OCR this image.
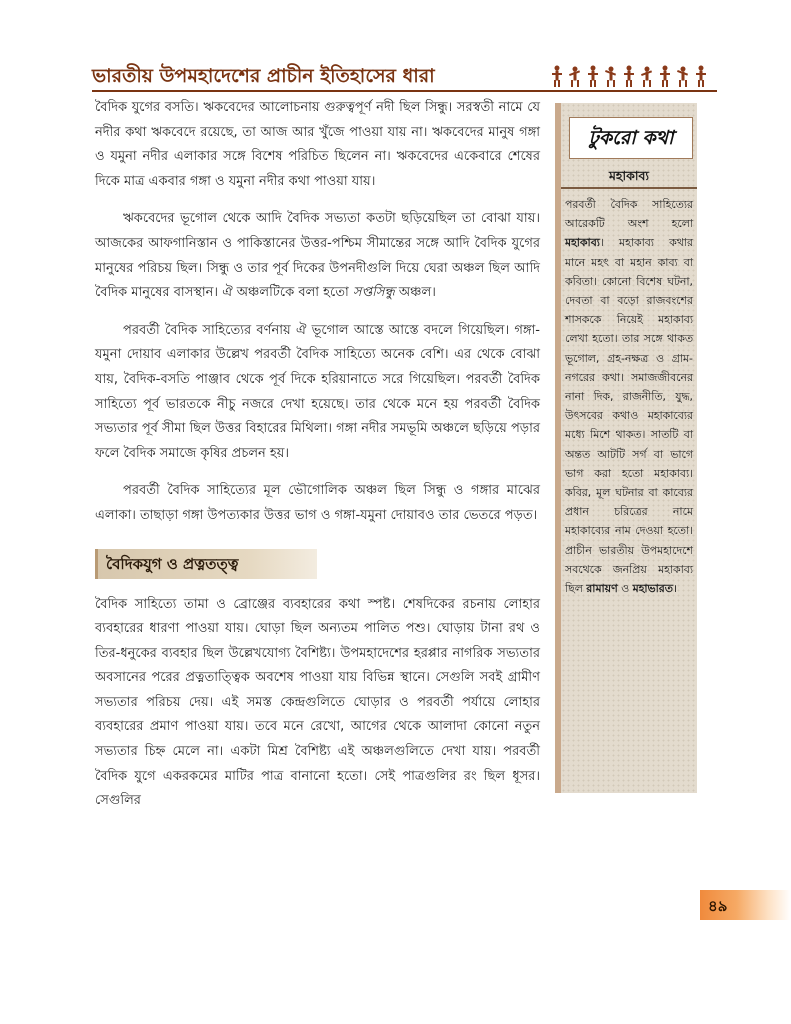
ভারতীয় উপমহাদেশের প্রাচীন ইতিহাসের ধারা

বৈদিক যুগের বসতি। ঋকবেদের আলোচনায় গুরুত্বপূর্ণ নদী ছিল সিন্ধু। সরস্বতী নামে যে নদীর কথা ঋকবেদে রয়েছে, তা আজ আর খুঁজে পাওয়া যায় না। ঋকবেদের মানুষ গঙ্গা ও যমুনা নদীর এলাকার সঙ্গে বিশেষ পরিচিত ছিলেন না। ঋকবেদের একেবারে শেষের দিকে মাত্র একবার গঙ্গা ও যমুনা নদীর কথা পাওয়া যায়।

ঋকবেদের ভূগোল থেকে আদি বৈদিক সভ্যতা কতটা ছড়িয়েছিল তা বোঝা যায়। আজকের আফগানিস্তান ও পাকিস্তানের উত্তর-পশ্চিম সীমান্তের সঙ্গে আদি বৈদিক যুগের মানুষের পরিচয় ছিল। সিন্ধু ও তার পূর্ব দিকের উপনদীগুলি দিয়ে ঘেরা অঞ্চল ছিল আদি বৈদিক মানুষের বাসস্থান। ঐ অঞ্চলটিকে বলা হতো সপ্তসিন্ধু অঞ্চল।

পরবর্তী বৈদিক সাহিত্যের বর্ণনায় ঐ ভূগোল আস্তে আস্তে বদলে গিয়েছিল। গঙ্গা-যমুনা দোয়াব এলাকার উল্লেখ পরবর্তী বৈদিক সাহিত্যে অনেক বেশি। এর থেকে বোঝা যায়, বৈদিক-বসতি পাঞ্জাব থেকে পূর্ব দিকে হরিয়ানাতে সরে গিয়েছিল। পরবর্তী বৈদিক সাহিত্যে পূর্ব ভারতকে নীচু নজরে দেখা হয়েছে। তার থেকে মনে হয় পরবর্তী বৈদিক সভ্যতার পূর্ব সীমা ছিল উত্তর বিহারের মিথিলা। গঙ্গা নদীর সমভূমি অঞ্চলে ছড়িয়ে পড়ার ফলে বৈদিক সমাজে কৃষির প্রচলন হয়।

পরবর্তী বৈদিক সাহিত্যের মূল ভৌগোলিক অঞ্চল ছিল সিন্ধু ও গঙ্গার মাঝের এলাকা। তাছাড়া গঙ্গা উপত্যকার উত্তর ভাগ ও গঙ্গা-যমুনা দোয়াবও তার ভেতরে পড়ত।

বৈদিকযুগ ও প্রত্নতত্ত্ব

বৈদিক সাহিত্যে তামা ও ব্রোঞ্জের ব্যবহারের কথা স্পষ্ট। শেষদিকের রচনায় লোহার ব্যবহারের ধারণা পাওয়া যায়। ঘোড়া ছিল অন্যতম পালিত পশু। ঘোড়ায় টানা রথ ও তির-ধনুকের ব্যবহার ছিল উল্লেখযোগ্য বৈশিষ্ট্য। উপমহাদেশের হরপ্পার নাগরিক সভ্যতার অবসানের পরের প্রত্নতাত্ত্বিক অবশেষ পাওয়া যায় বিভিন্ন স্থানে। সেগুলি সবই গ্রামীণ সভ্যতার পরিচয় দেয়। এই সমস্ত কেন্দ্রগুলিতে ঘোড়ার ও পরবর্তী পর্যায়ে লোহার ব্যবহারের প্রমাণ পাওয়া যায়। তবে মনে রেখো, আগের থেকে আলাদা কোনো নতুন সভ্যতার চিহ্ন মেলে না। একটা মিশ্র বৈশিষ্ট্য এই অঞ্চলগুলিতে দেখা যায়। পরবর্তী বৈদিক যুগে একরকমের মাটির পাত্র বানানো হতো। সেই পাত্রগুলির রং ছিল ধূসর। সেগুলির

টুকরো কথা
মহাকাব্য
পরবর্তী বৈদিক সাহিত্যের আরেকটি অংশ হলো মহাকাব্য। মহাকাব্য কথার মানে মহৎ বা মহান কাব্য বা কবিতা। কোনো বিশেষ ঘটনা, দেবতা বা বড়ো রাজবংশের শাসককে নিয়েই মহাকাব্য লেখা হতো। তার সঙ্গে থাকত ভূগোল, গ্রহ-নক্ষত্র ও গ্রাম-নগরের কথা। সমাজজীবনের নানা দিক, রাজনীতি, যুদ্ধ, উৎসবের কথাও মহাকাব্যের মধ্যে মিশে থাকত। সাতটি বা অন্তত আটটি সর্গ বা ভাগে ভাগ করা হতো মহাকাব্য। কবির, মূল ঘটনার বা কাব্যের প্রধান চরিত্রের নামে মহাকাব্যের নাম দেওয়া হতো। প্রাচীন ভারতীয় উপমহাদেশে সবথেকে জনপ্রিয় মহাকাব্য ছিল রামায়ণ ও মহাভারত।
৪৯
